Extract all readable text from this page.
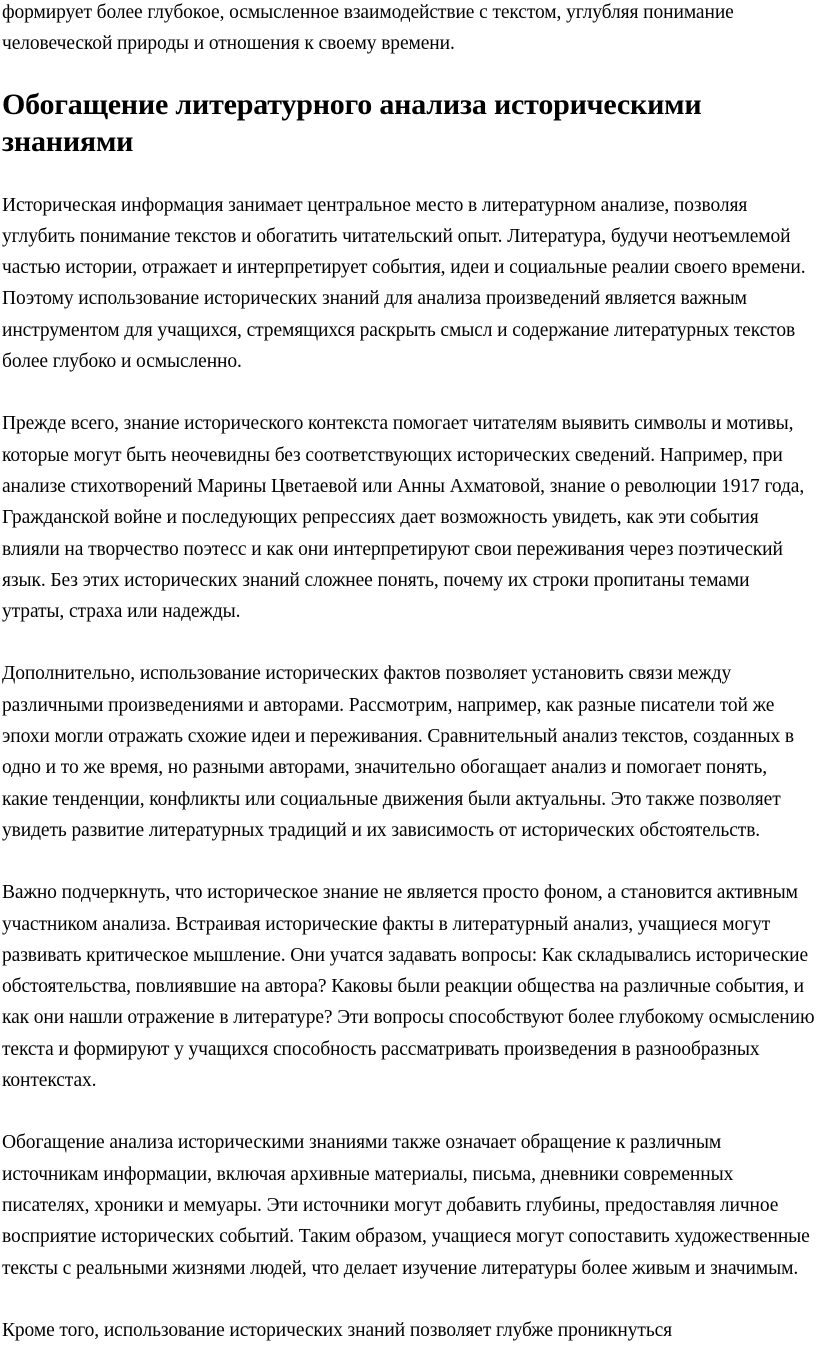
формирует более глубокое, осмысленное взаимодействие с текстом, углубляя понимание человеческой природы и отношения к своему времени.

Обогащение литературного анализа историческими знаниями

Историческая информация занимает центральное место в литературном анализе, позволяя углубить понимание текстов и обогатить читательский опыт. Литература, будучи неотъемлемой частью истории, отражает и интерпретирует события, идеи и социальные реалии своего времени. Поэтому использование исторических знаний для анализа произведений является важным инструментом для учащихся, стремящихся раскрыть смысл и содержание литературных текстов более глубоко и осмысленно.

Прежде всего, знание исторического контекста помогает читателям выявить символы и мотивы, которые могут быть неочевидны без соответствующих исторических сведений. Например, при анализе стихотворений Марины Цветаевой или Анны Ахматовой, знание о революции 1917 года, Гражданской войне и последующих репрессиях дает возможность увидеть, как эти события влияли на творчество поэтесс и как они интерпретируют свои переживания через поэтический язык. Без этих исторических знаний сложнее понять, почему их строки пропитаны темами утраты, страха или надежды.

Дополнительно, использование исторических фактов позволяет установить связи между различными произведениями и авторами. Рассмотрим, например, как разные писатели той же эпохи могли отражать схожие идеи и переживания. Сравнительный анализ текстов, созданных в одно и то же время, но разными авторами, значительно обогащает анализ и помогает понять, какие тенденции, конфликты или социальные движения были актуальны. Это также позволяет увидеть развитие литературных традиций и их зависимость от исторических обстоятельств.

Важно подчеркнуть, что историческое знание не является просто фоном, а становится активным участником анализа. Встраивая исторические факты в литературный анализ, учащиеся могут развивать критическое мышление. Они учатся задавать вопросы: Как складывались исторические обстоятельства, повлиявшие на автора? Каковы были реакции общества на различные события, и как они нашли отражение в литературе? Эти вопросы способствуют более глубокому осмыслению текста и формируют у учащихся способность рассматривать произведения в разнообразных контекстах.

Обогащение анализа историческими знаниями также означает обращение к различным источникам информации, включая архивные материалы, письма, дневники современных писателях, хроники и мемуары. Эти источники могут добавить глубины, предоставляя личное восприятие исторических событий. Таким образом, учащиеся могут сопоставить художественные тексты с реальными жизнями людей, что делает изучение литературы более живым и значимым.

Кроме того, использование исторических знаний позволяет глубже проникнуться
